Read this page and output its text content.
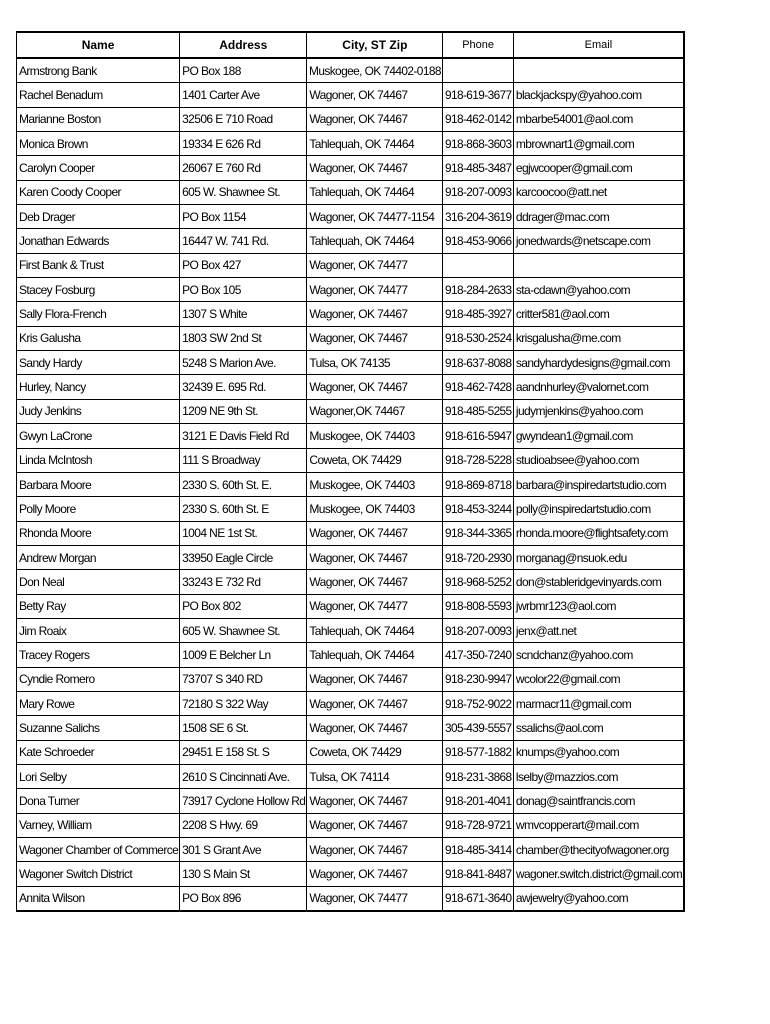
Name	Address	City, ST Zip	Phone	Email
Armstrong Bank	PO Box 188	Muskogee, OK 74402-0188		
Rachel Benadum	1401 Carter Ave	Wagoner, OK 74467	918-619-3677	blackjackspy@yahoo.com
Marianne Boston	32506 E 710 Road	Wagoner, OK 74467	918-462-0142	mbarbe54001@aol.com
Monica Brown	19334 E 626 Rd	Tahlequah, OK 74464	918-868-3603	mbrownart1@gmail.com
Carolyn Cooper	26067 E 760 Rd	Wagoner, OK 74467	918-485-3487	egjwcooper@gmail.com
Karen Coody Cooper	605 W. Shawnee St.	Tahlequah, OK 74464	918-207-0093	karcoocoo@att.net
Deb Drager	PO Box 1154	Wagoner, OK 74477-1154	316-204-3619	ddrager@mac.com
Jonathan Edwards	16447 W. 741 Rd.	Tahlequah, OK 74464	918-453-9066	jonedwards@netscape.com
First Bank & Trust	PO Box 427	Wagoner, OK 74477		
Stacey Fosburg	PO Box 105	Wagoner, OK 74477	918-284-2633	sta-cdawn@yahoo.com
Sally Flora-French	1307 S White	Wagoner, OK 74467	918-485-3927	critter581@aol.com
Kris Galusha	1803 SW 2nd St	Wagoner, OK 74467	918-530-2524	krisgalusha@me.com
Sandy Hardy	5248 S Marion Ave.	Tulsa, OK 74135	918-637-8088	sandyhardydesigns@gmail.com
Hurley, Nancy	32439 E. 695 Rd.	Wagoner, OK 74467	918-462-7428	aandnhurley@valornet.com
Judy Jenkins	1209 NE 9th St.	Wagoner,OK 74467	918-485-5255	judymjenkins@yahoo.com
Gwyn LaCrone	3121 E Davis Field Rd	Muskogee, OK 74403	918-616-5947	gwyndean1@gmail.com
Linda McIntosh	111 S Broadway	Coweta, OK 74429	918-728-5228	studioabsee@yahoo.com
Barbara Moore	2330 S. 60th St. E.	Muskogee, OK 74403	918-869-8718	barbara@inspiredartstudio.com
Polly Moore	2330 S. 60th St. E	Muskogee, OK 74403	918-453-3244	polly@inspiredartstudio.com
Rhonda Moore	1004 NE 1st St.	Wagoner, OK 74467	918-344-3365	rhonda.moore@flightsafety.com
Andrew Morgan	33950 Eagle Circle	Wagoner, OK 74467	918-720-2930	morganag@nsuok.edu
Don Neal	33243 E 732 Rd	Wagoner, OK 74467	918-968-5252	don@stableridgevinyards.com
Betty Ray	PO Box 802	Wagoner, OK 74477	918-808-5593	jwrbmr123@aol.com
Jim Roaix	605 W. Shawnee St.	Tahlequah, OK 74464	918-207-0093	jenx@att.net
Tracey Rogers	1009 E Belcher Ln	Tahlequah, OK 74464	417-350-7240	scndchanz@yahoo.com
Cyndie Romero	73707 S 340 RD	Wagoner, OK 74467	918-230-9947	wcolor22@gmail.com
Mary Rowe	72180 S 322 Way	Wagoner, OK 74467	918-752-9022	marmacr11@gmail.com
Suzanne Salichs	1508 SE 6 St.	Wagoner, OK 74467	305-439-5557	ssalichs@aol.com
Kate Schroeder	29451 E 158 St. S	Coweta, OK 74429	918-577-1882	knumps@yahoo.com
Lori Selby	2610 S Cincinnati Ave.	Tulsa, OK 74114	918-231-3868	lselby@mazzios.com
Dona Turner	73917 Cyclone Hollow Rd	Wagoner, OK 74467	918-201-4041	donag@saintfrancis.com
Varney, William	2208 S Hwy. 69	Wagoner, OK 74467	918-728-9721	wmvcopperart@mail.com
Wagoner Chamber of Commerce	301 S Grant Ave	Wagoner, OK 74467	918-485-3414	chamber@thecityofwagoner.org
Wagoner Switch District	130 S Main St	Wagoner, OK 74467	918-841-8487	wagoner.switch.district@gmail.com
Annita Wilson	PO Box 896	Wagoner, OK 74477	918-671-3640	awjewelry@yahoo.com
